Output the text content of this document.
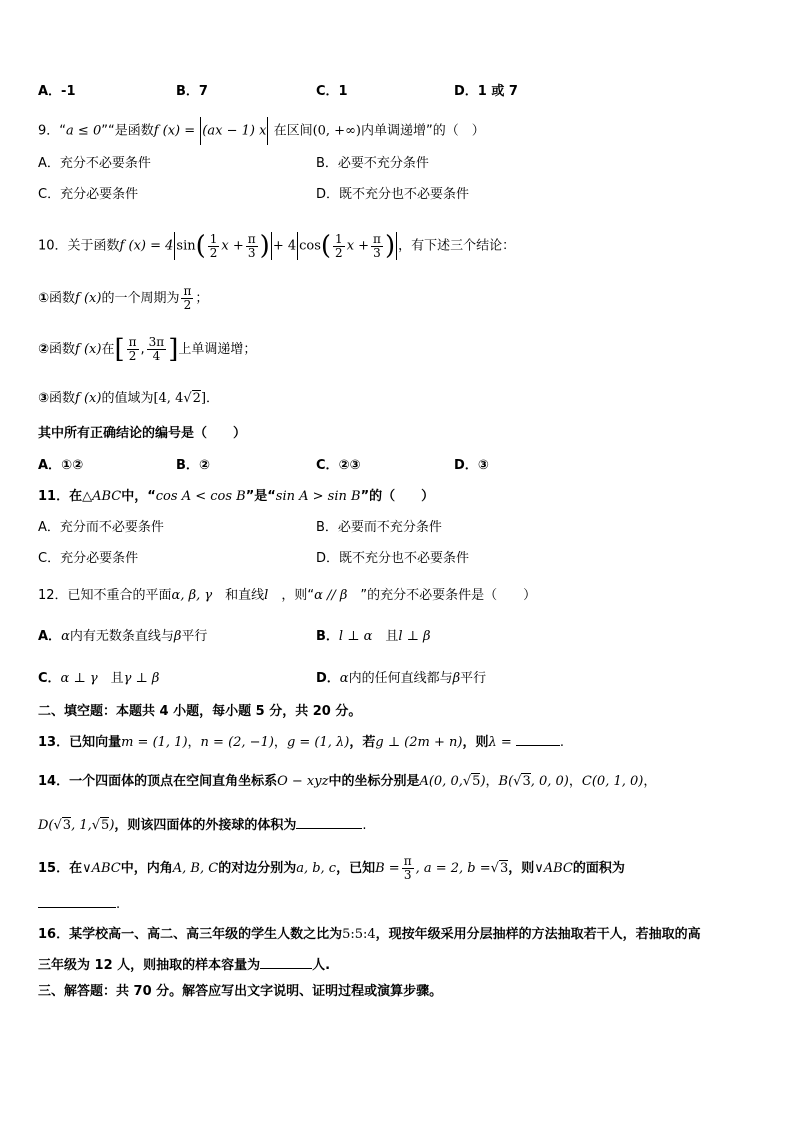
A．-1	B．7	C．1	D．1 或 7
9．“a ≤ 0”“是函数f (x) = (ax − 1) x 在区间(0, +∞)内单调递增”的（　）
A．充分不必要条件	B．必要不充分条件
C．充分必要条件	D．既不充分也不必要条件
10．关于函数f (x) = 4 $\sin( \frac{1}{2}$ $x + \frac{\pi}{3}$ ) + 4 $\cos( \frac{1}{2}$ $x + \frac{\pi}{3}$ ) ，有下述三个结论：
①函数f (x)的一个周期为 $\frac{\pi}{2}$ ；
②函数f (x)在[ $\frac{\pi}{2}$ , $\frac{3\pi}{4}$ ]上单调递增；
③函数f (x)的值域为[4, 4√2]．
其中所有正确结论的编号是（　　）
A．①②	B．②	C．②③	D．③
11．在△ABC中，“cos A < cos B”是“sin A > sin B”的（　　）
A．充分而不必要条件	B．必要而不充分条件
C．充分必要条件	D．既不充分也不必要条件
12．已知不重合的平面α, β, γ　和直线l　，则“α // β　”的充分不必要条件是（　　）
A．α内有无数条直线与β平行	B．l ⊥ α　且l ⊥ β
C．α ⊥ γ　且γ ⊥ β	D．α内的任何直线都与β平行
二、填空题：本题共 4 小题，每小题 5 分，共 20 分。
13．已知向量m = (1, 1)，n = (2, −1)，g = (1, λ)，若g ⊥ (2m + n)，则λ =	.
14．一个四面体的顶点在空间直角坐标系O − xyz中的坐标分别是A(0, 0,√5)，B(√3, 0, 0)，C(0, 1, 0)，
D(√3, 1,√5)，则该四面体的外接球的体积为	.
15．在∨ABC中，内角A, B, C的对边分别为a, b, c，已知$B = \frac{\pi}{3}$ , a = 2, b =√3，则∨ABC的面积为
.
16．某学校高一、高二、高三年级的学生人数之比为5:5:4，现按年级采用分层抽样的方法抽取若干人，若抽取的高
三年级为 12 人，则抽取的样本容量为	人.
三、解答题：共 70 分。解答应写出文字说明、证明过程或演算步骤。
